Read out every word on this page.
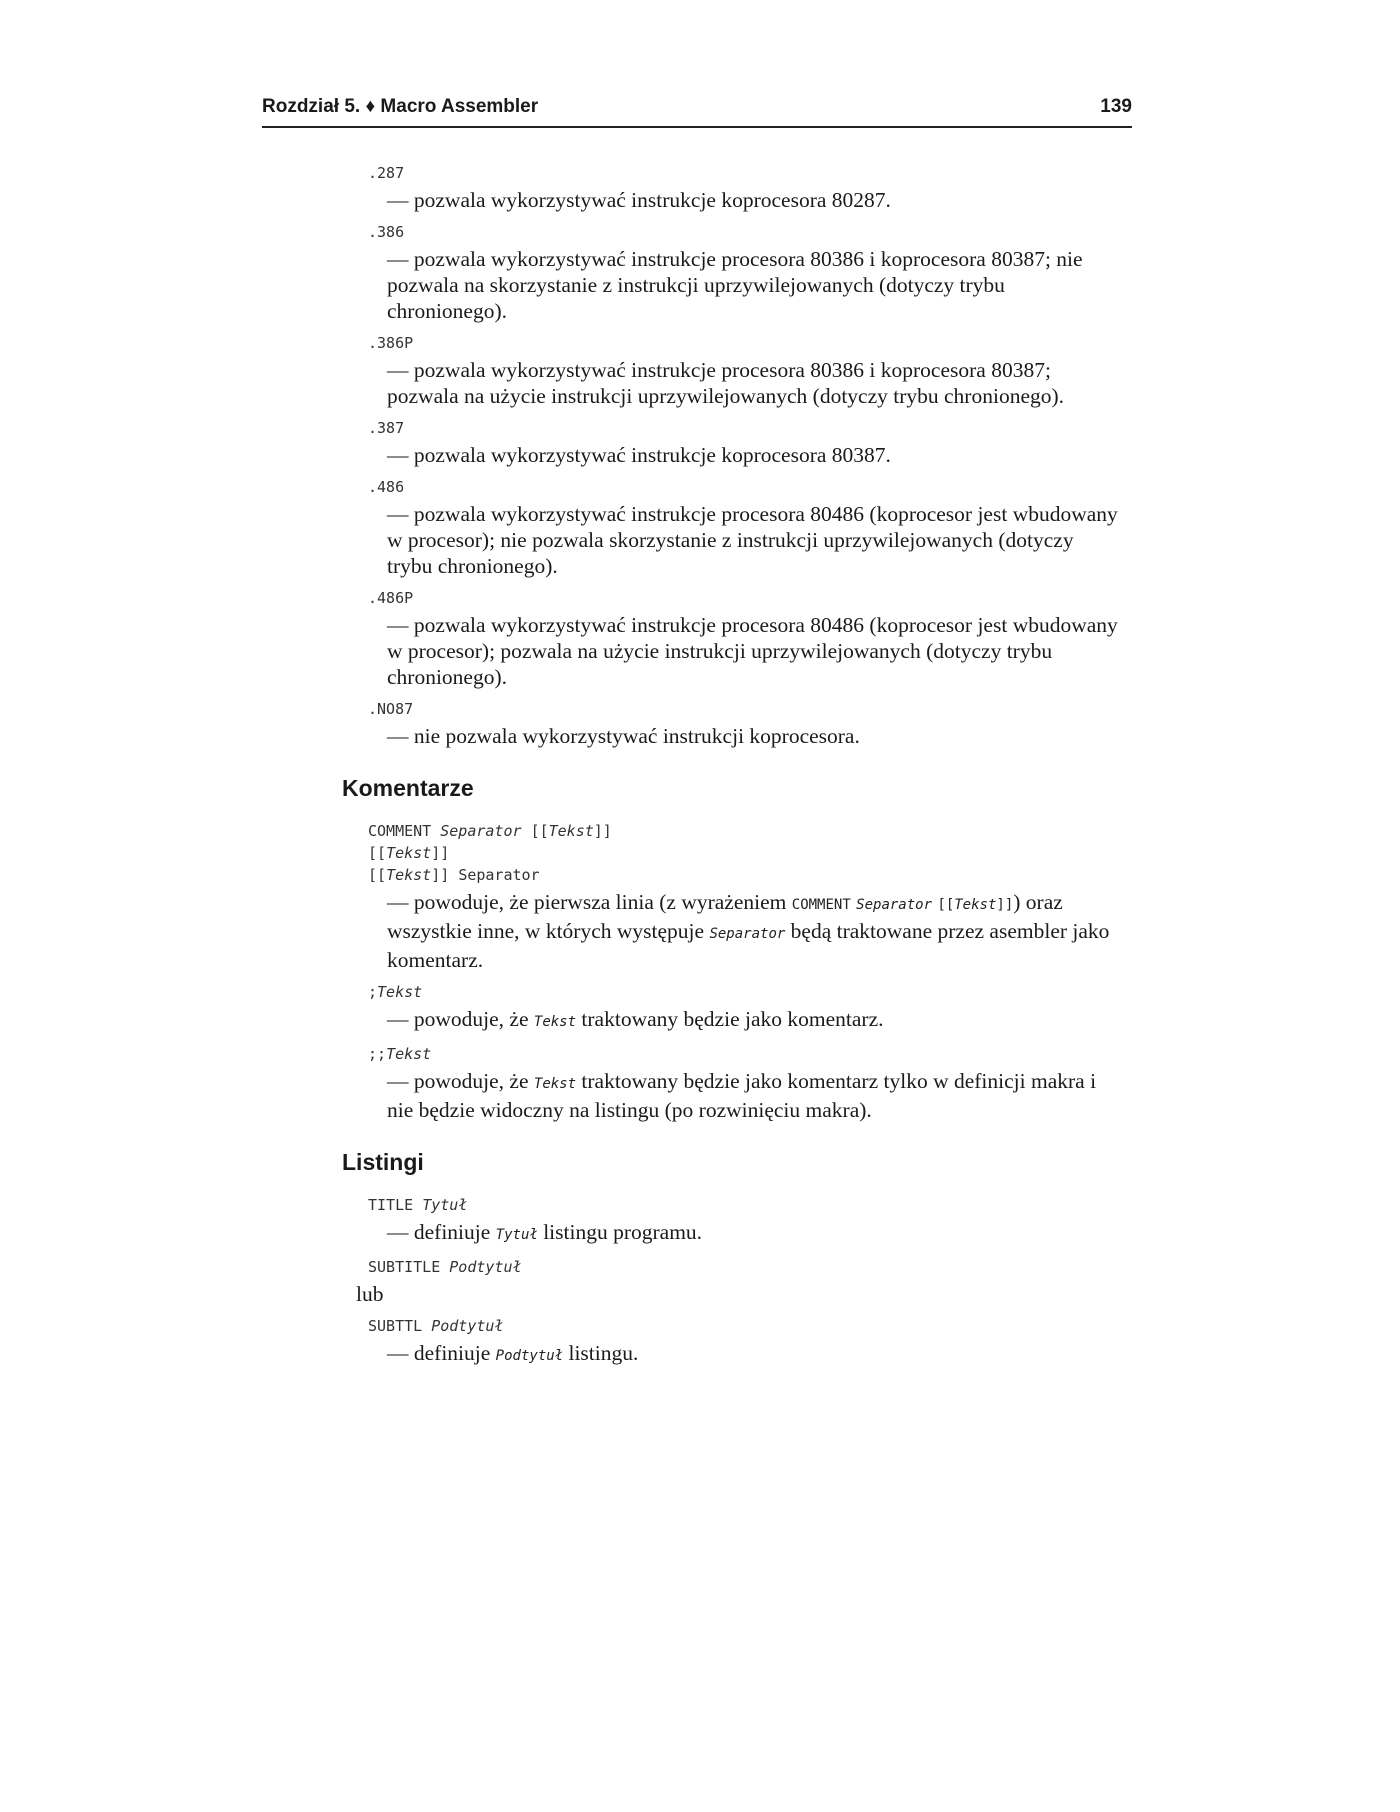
Rozdział 5. ♦ Macro Assembler	139
.287
— pozwala wykorzystywać instrukcje koprocesora 80287.
.386
— pozwala wykorzystywać instrukcje procesora 80386 i koprocesora 80387; nie pozwala na skorzystanie z instrukcji uprzywilejowanych (dotyczy trybu chronionego).
.386P
— pozwala wykorzystywać instrukcje procesora 80386 i koprocesora 80387; pozwala na użycie instrukcji uprzywilejowanych (dotyczy trybu chronionego).
.387
— pozwala wykorzystywać instrukcje koprocesora 80387.
.486
— pozwala wykorzystywać instrukcje procesora 80486 (koprocesor jest wbudowany w procesor); nie pozwala skorzystanie z instrukcji uprzywilejowanych (dotyczy trybu chronionego).
.486P
— pozwala wykorzystywać instrukcje procesora 80486 (koprocesor jest wbudowany w procesor); pozwala na użycie instrukcji uprzywilejowanych (dotyczy trybu chronionego).
.NO87
— nie pozwala wykorzystywać instrukcji koprocesora.
Komentarze
COMMENT Separator [[Tekst]]
[[Tekst]]
[[Tekst]] Separator
— powoduje, że pierwsza linia (z wyrażeniem COMMENT Separator [[Tekst]]) oraz wszystkie inne, w których występuje Separator będą traktowane przez asembler jako komentarz.
;Tekst
— powoduje, że Tekst traktowany będzie jako komentarz.
;;Tekst
— powoduje, że Tekst traktowany będzie jako komentarz tylko w definicji makra i nie będzie widoczny na listingu (po rozwinięciu makra).
Listingi
TITLE Tytuł
— definiuje Tytuł listingu programu.
SUBTITLE Podtytuł
lub
SUBTTL Podtytuł
— definiuje Podtytuł listingu.
